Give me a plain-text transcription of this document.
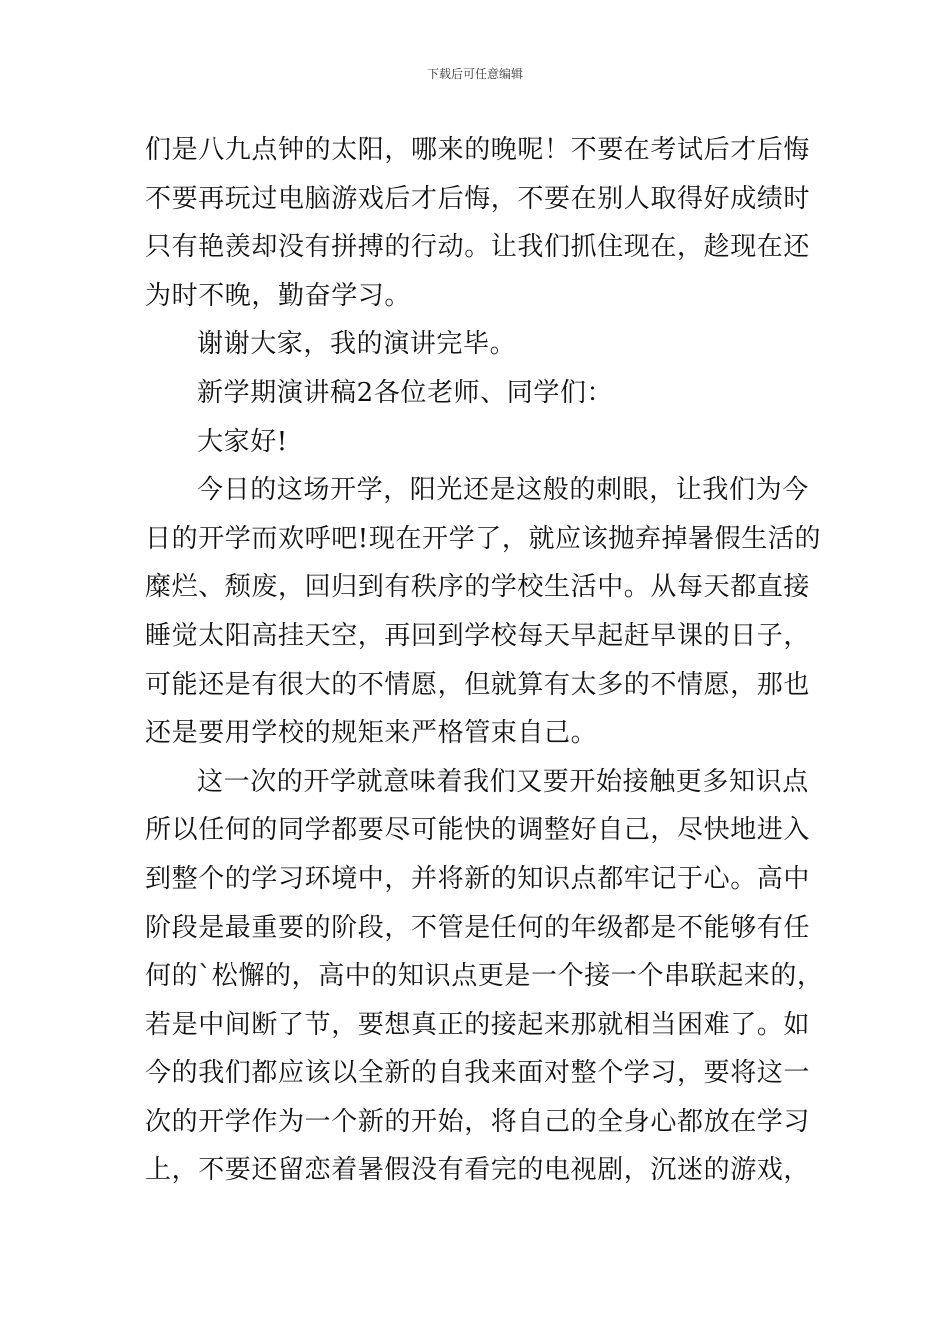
下载后可任意编辑
们是八九点钟的太阳，哪来的晚呢！不要在考试后才后悔
不要再玩过电脑游戏后才后悔，不要在别人取得好成绩时
只有艳羡却没有拼搏的行动。让我们抓住现在，趁现在还
为时不晚，勤奋学习。
谢谢大家，我的演讲完毕。
新学期演讲稿2各位老师、同学们：
大家好!
今日的这场开学，阳光还是这般的刺眼，让我们为今
日的开学而欢呼吧!现在开学了，就应该抛弃掉暑假生活的
糜烂、颓废，回归到有秩序的学校生活中。从每天都直接
睡觉太阳高挂天空，再回到学校每天早起赶早课的日子，
可能还是有很大的不情愿，但就算有太多的不情愿，那也
还是要用学校的规矩来严格管束自己。
这一次的开学就意味着我们又要开始接触更多知识点
所以任何的同学都要尽可能快的调整好自己，尽快地进入
到整个的学习环境中，并将新的知识点都牢记于心。高中
阶段是最重要的阶段，不管是任何的年级都是不能够有任
何的`松懈的，高中的知识点更是一个接一个串联起来的，
若是中间断了节，要想真正的接起来那就相当困难了。如
今的我们都应该以全新的自我来面对整个学习，要将这一
次的开学作为一个新的开始，将自己的全身心都放在学习
上，不要还留恋着暑假没有看完的电视剧，沉迷的游戏，
